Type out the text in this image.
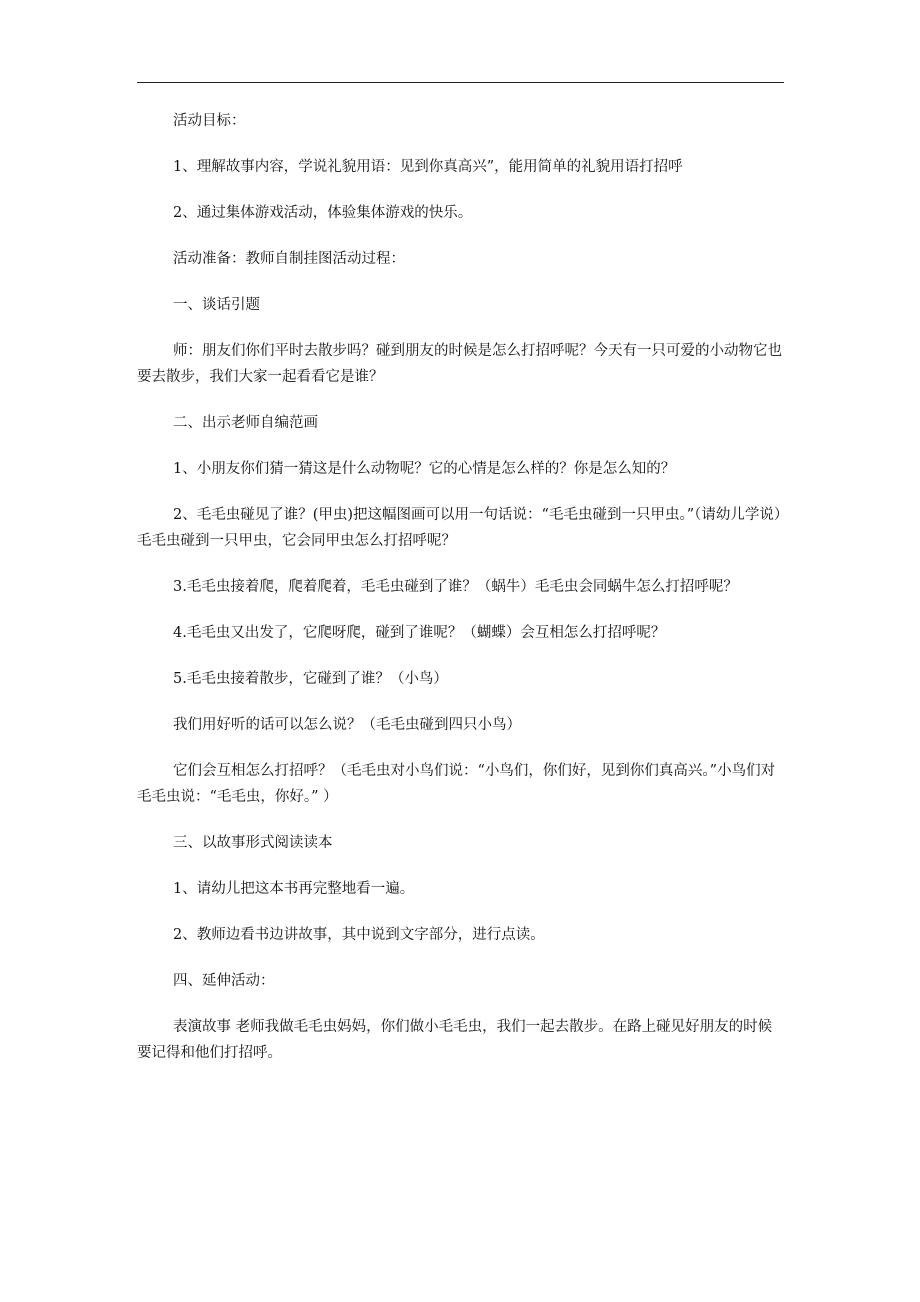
活动目标：

1、理解故事内容，学说礼貌用语：见到你真高兴”，能用简单的礼貌用语打招呼

2、通过集体游戏活动，体验集体游戏的快乐。

活动准备：教师自制挂图活动过程：

一、谈话引题

师：朋友们你们平时去散步吗？碰到朋友的时候是怎么打招呼呢？今天有一只可爱的小动物它也要去散步，我们大家一起看看它是谁？

二、出示老师自编范画

1、小朋友你们猜一猜这是什么动物呢？它的心情是怎么样的？你是怎么知的？

2、毛毛虫碰见了谁？(甲虫)把这幅图画可以用一句话说：“毛毛虫碰到一只甲虫。”（请幼儿学说）毛毛虫碰到一只甲虫，它会同甲虫怎么打招呼呢？

3.毛毛虫接着爬，爬着爬着，毛毛虫碰到了谁？（蜗牛）毛毛虫会同蜗牛怎么打招呼呢？

4.毛毛虫又出发了，它爬呀爬，碰到了谁呢？（蝴蝶）会互相怎么打招呼呢？

5.毛毛虫接着散步，它碰到了谁？（小鸟）

我们用好听的话可以怎么说？（毛毛虫碰到四只小鸟）

它们会互相怎么打招呼？（毛毛虫对小鸟们说：“小鸟们，你们好，见到你们真高兴。”小鸟们对毛毛虫说：“毛毛虫，你好。” ）

三、以故事形式阅读读本

1、请幼儿把这本书再完整地看一遍。

2、教师边看书边讲故事，其中说到文字部分，进行点读。

四、延伸活动：

表演故事 老师我做毛毛虫妈妈，你们做小毛毛虫，我们一起去散步。在路上碰见好朋友的时候要记得和他们打招呼。
